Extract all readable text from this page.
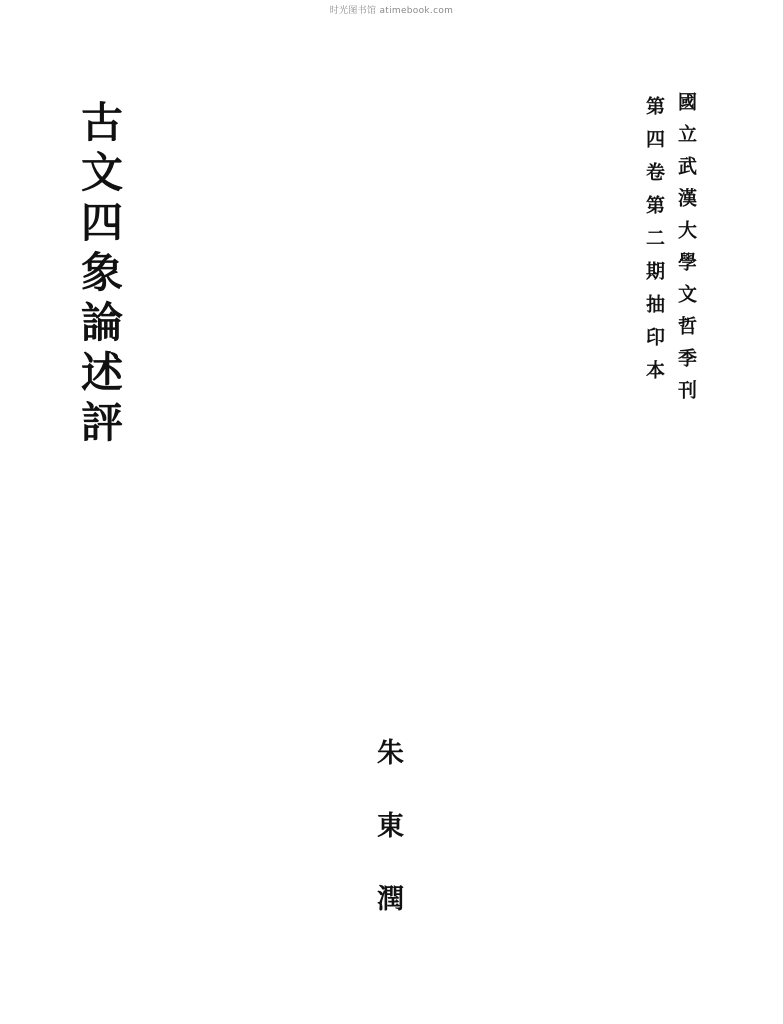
时光图书馆 atimebook.com
古文四象論述評	國立武漢大學文哲季刊
第四卷第二期抽印本
朱東潤
